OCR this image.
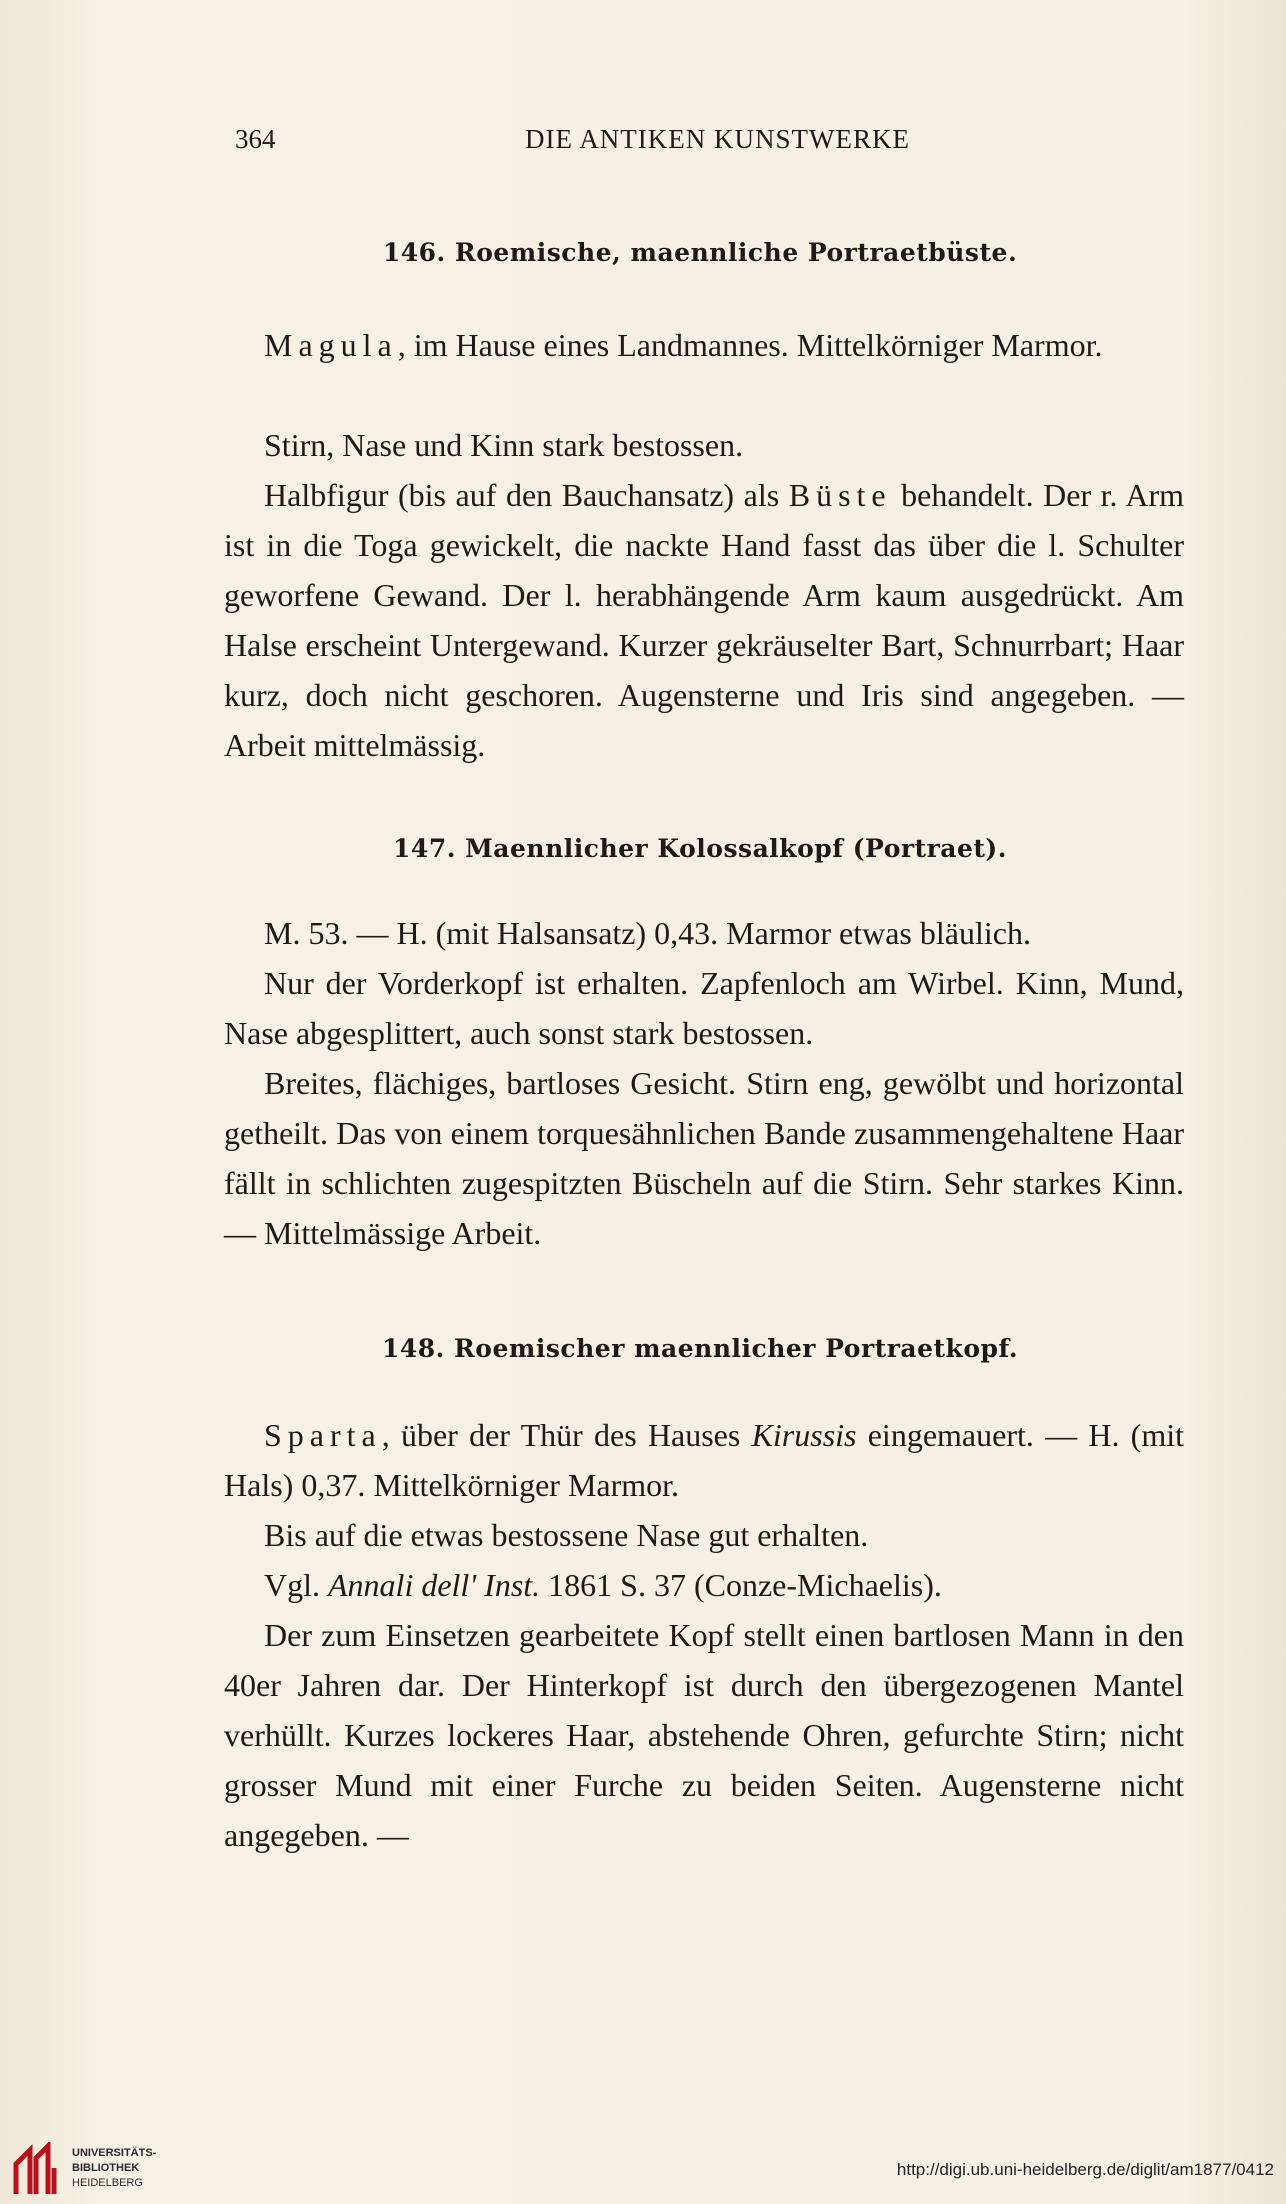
364	DIE ANTIKEN KUNSTWERKE
146. Roemische, maennliche Portraetbüste.

Magula, im Hause eines Landmannes. Mittelkörniger Marmor.

Stirn, Nase und Kinn stark bestossen.

Halbfigur (bis auf den Bauchansatz) als Büste behandelt. Der r. Arm ist in die Toga gewickelt, die nackte Hand fasst das über die l. Schulter geworfene Gewand. Der l. herabhängende Arm kaum ausgedrückt. Am Halse erscheint Untergewand. Kurzer gekräuselter Bart, Schnurrbart; Haar kurz, doch nicht geschoren. Augensterne und Iris sind angegeben. — Arbeit mittelmässig.

147. Maennlicher Kolossalkopf (Portraet).

M. 53. — H. (mit Halsansatz) 0,43. Marmor etwas bläulich.

Nur der Vorderkopf ist erhalten. Zapfenloch am Wirbel. Kinn, Mund, Nase abgesplittert, auch sonst stark bestossen.

Breites, flächiges, bartloses Gesicht. Stirn eng, gewölbt und horizontal getheilt. Das von einem torquesähnlichen Bande zusammengehaltene Haar fällt in schlichten zugespitzten Büscheln auf die Stirn. Sehr starkes Kinn. — Mittelmässige Arbeit.

148. Roemischer maennlicher Portraetkopf.

Sparta, über der Thür des Hauses Kirussis eingemauert. — H. (mit Hals) 0,37. Mittelkörniger Marmor.

Bis auf die etwas bestossene Nase gut erhalten.

Vgl. Annali dell' Inst. 1861 S. 37 (Conze-Michaelis).

Der zum Einsetzen gearbeitete Kopf stellt einen bartlosen Mann in den 40er Jahren dar. Der Hinterkopf ist durch den übergezogenen Mantel verhüllt. Kurzes lockeres Haar, abstehende Ohren, gefurchte Stirn; nicht grosser Mund mit einer Furche zu beiden Seiten. Augensterne nicht angegeben. —

UNIVERSITÄTS-
BIBLIOTHEK
HEIDELBERG
http://digi.ub.uni-heidelberg.de/diglit/am1877/0412
